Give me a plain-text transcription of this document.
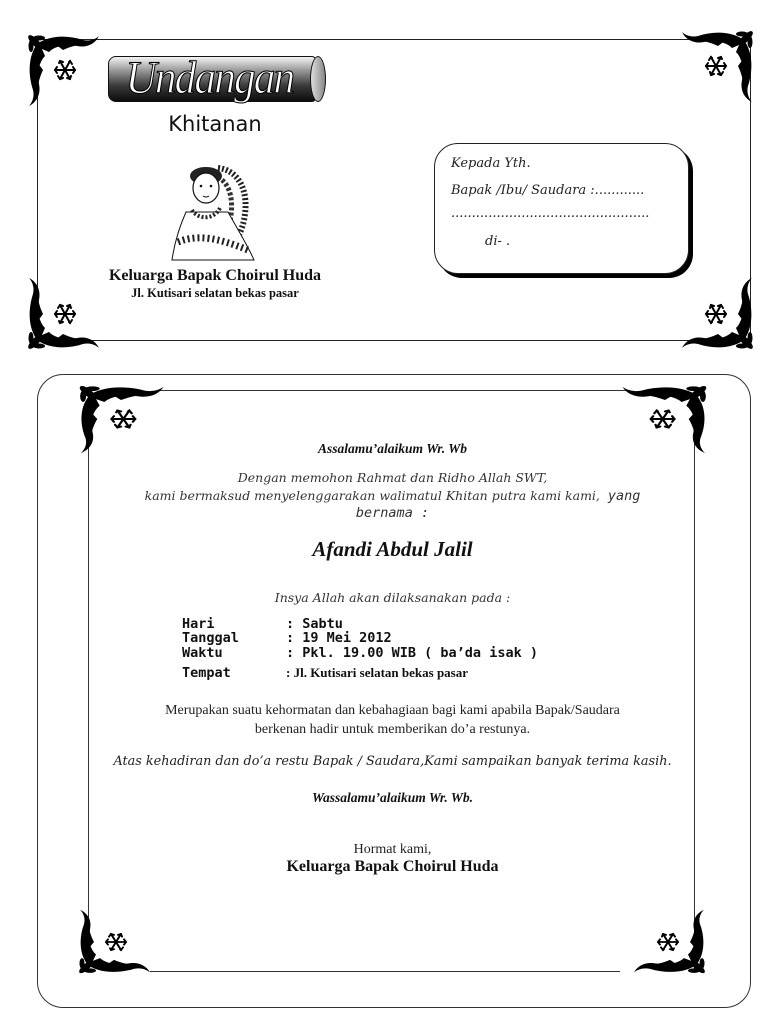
Undangan
Khitanan
Keluarga Bapak Choirul Huda
Jl. Kutisari selatan bekas pasar
Kepada Yth.
Bapak /Ibu/ Saudara :............
................................................
di- .
Assalamu’alaikum Wr. Wb
Dengan memohon Rahmat dan Ridho Allah SWT,
kami bermaksud menyelenggarakan walimatul Khitan putra kami kami, yang
bernama :
Afandi Abdul Jalil
Insya Allah akan dilaksanakan pada :
Hari	: Sabtu
Tanggal	: 19 Mei 2012
Waktu	: Pkl. 19.00 WIB ( ba’da isak )
Tempat	: Jl. Kutisari selatan bekas pasar
Merupakan suatu kehormatan dan kebahagiaan bagi kami apabila Bapak/Saudara
berkenan hadir untuk memberikan do’a restunya.
Atas kehadiran dan do’a restu Bapak / Saudara,Kami sampaikan banyak terima kasih.
Wassalamu’alaikum Wr. Wb.
Hormat kami,
Keluarga Bapak Choirul Huda
